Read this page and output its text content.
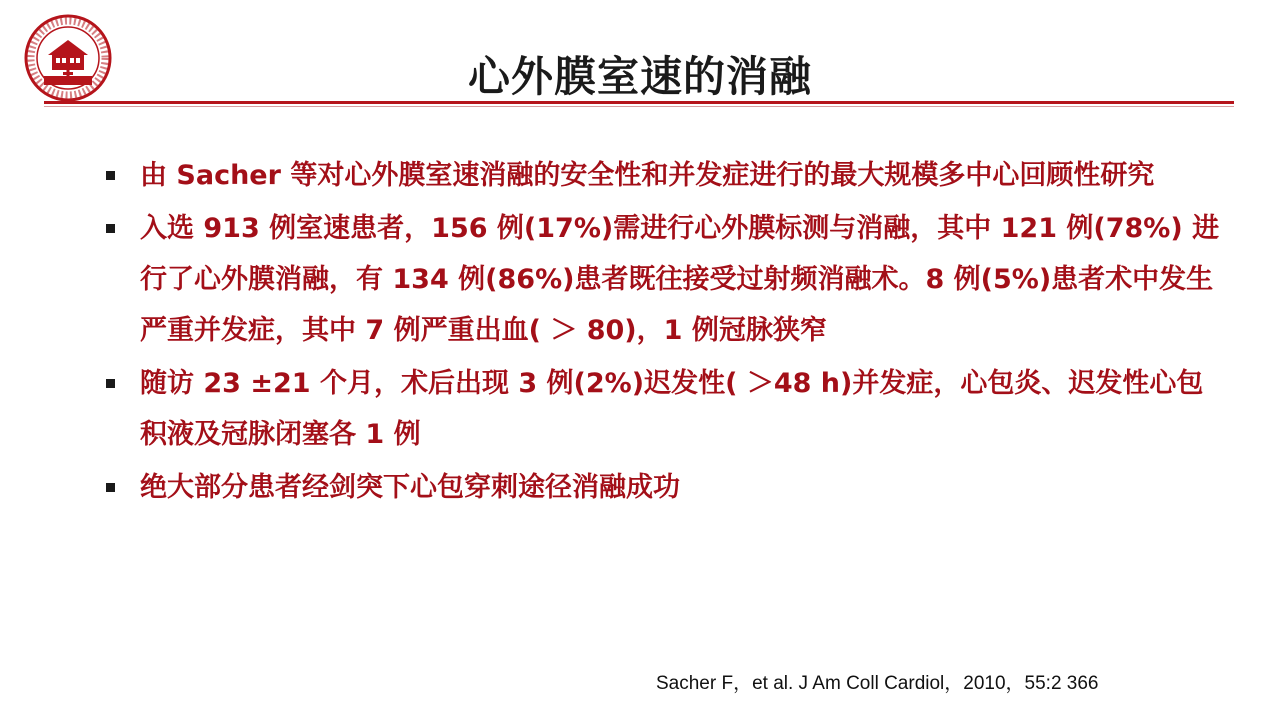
心外膜室速的消融
由 Sacher 等对心外膜室速消融的安全性和并发症进行的最大规模多中心回顾性研究
入选 913 例室速患者，156 例(17%)需进行心外膜标测与消融，其中 121 例(78%) 进行了心外膜消融，有 134 例(86%)患者既往接受过射频消融术。8 例(5%)患者术中发生严重并发症，其中 7 例严重出血( ＞ 80)，1 例冠脉狭窄
随访 23 ±21 个月，术后出现 3 例(2%)迟发性( ＞48 h)并发症，心包炎、迟发性心包积液及冠脉闭塞各 1 例
绝大部分患者经剑突下心包穿刺途径消融成功
Sacher F，et al. J Am Coll Cardiol，2010，55:2 366
